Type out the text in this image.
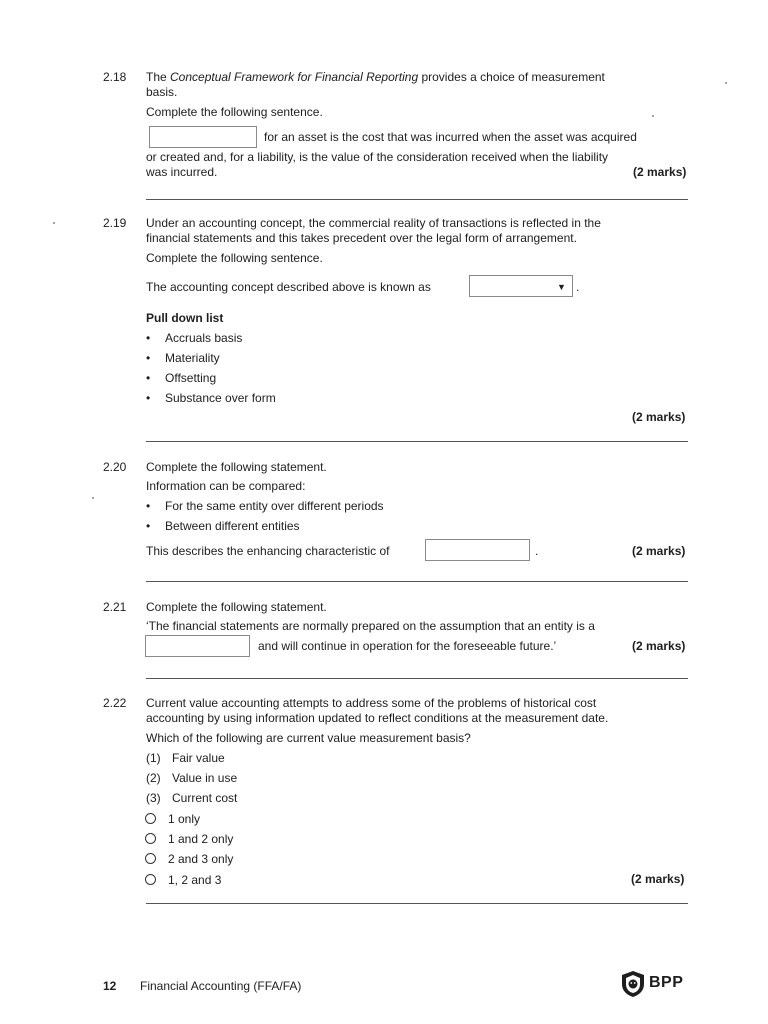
2.18 The Conceptual Framework for Financial Reporting provides a choice of measurement
basis.
Complete the following sentence.
for an asset is the cost that was incurred when the asset was acquired
or created and, for a liability, is the value of the consideration received when the liability
was incurred.	(2 marks)
2.19 Under an accounting concept, the commercial reality of transactions is reflected in the
financial statements and this takes precedent over the legal form of arrangement.
Complete the following sentence.
The accounting concept described above is known as	▼ .
Pull down list
• Accruals basis
• Materiality
• Offsetting
• Substance over form
(2 marks)
2.20 Complete the following statement.
Information can be compared:
• For the same entity over different periods
• Between different entities
This describes the enhancing characteristic of	.	(2 marks)
2.21 Complete the following statement.
‘The financial statements are normally prepared on the assumption that an entity is a
and will continue in operation for the foreseeable future.’	(2 marks)
2.22 Current value accounting attempts to address some of the problems of historical cost
accounting by using information updated to reflect conditions at the measurement date.
Which of the following are current value measurement basis?
(1) Fair value
(2) Value in use
(3) Current cost
1 only
1 and 2 only
2 and 3 only
1, 2 and 3	(2 marks)
12 Financial Accounting (FFA/FA)	BPP
